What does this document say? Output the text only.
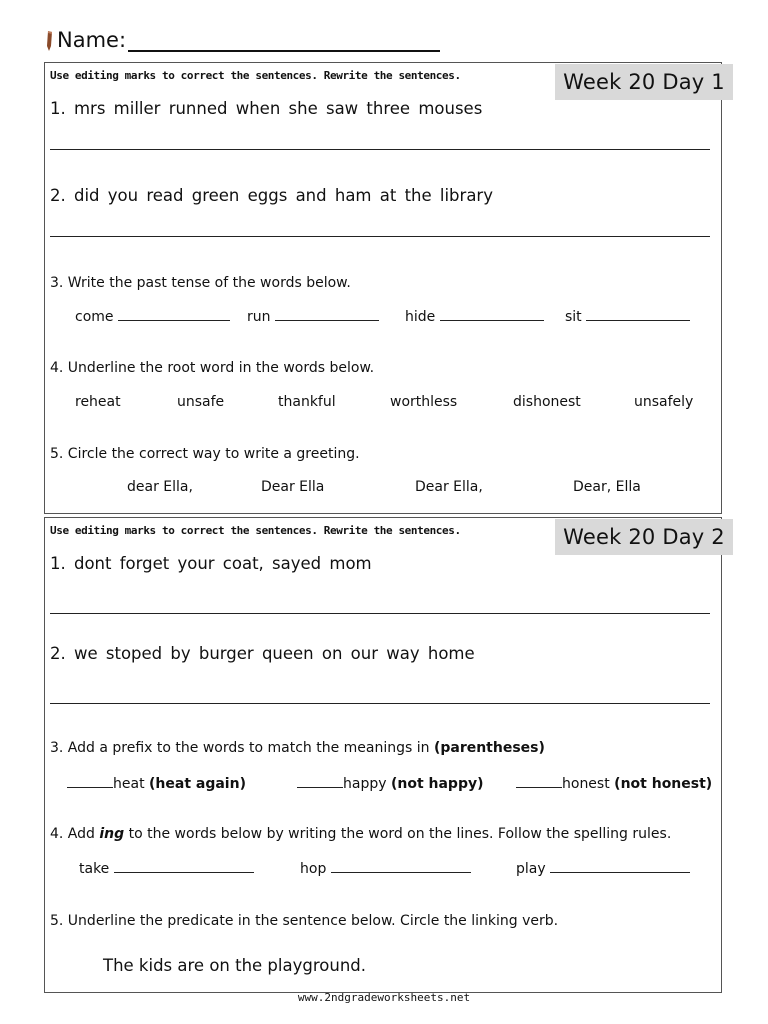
Name:
Week 20 Day 1
Use editing marks to correct the sentences. Rewrite the sentences.
1. mrs miller runned when she saw three mouses
2. did you read green eggs and ham at the library
3. Write the past tense of the words below.
come	run	hide	sit
4. Underline the root word in the words below.
reheat	unsafe	thankful	worthless	dishonest	unsafely
5. Circle the correct way to write a greeting.
dear Ella,	Dear Ella	Dear Ella,	Dear, Ella
Week 20 Day 2
Use editing marks to correct the sentences. Rewrite the sentences.
1. dont forget your coat, sayed mom
2. we stoped by burger queen on our way home
3. Add a prefix to the words to match the meanings in (parentheses)
heat (heat again)	happy (not happy)	honest (not honest)
4. Add ing to the words below by writing the word on the lines. Follow the spelling rules.
take	hop	play
5. Underline the predicate in the sentence below. Circle the linking verb.
The kids are on the playground.
www.2ndgradeworksheets.net
